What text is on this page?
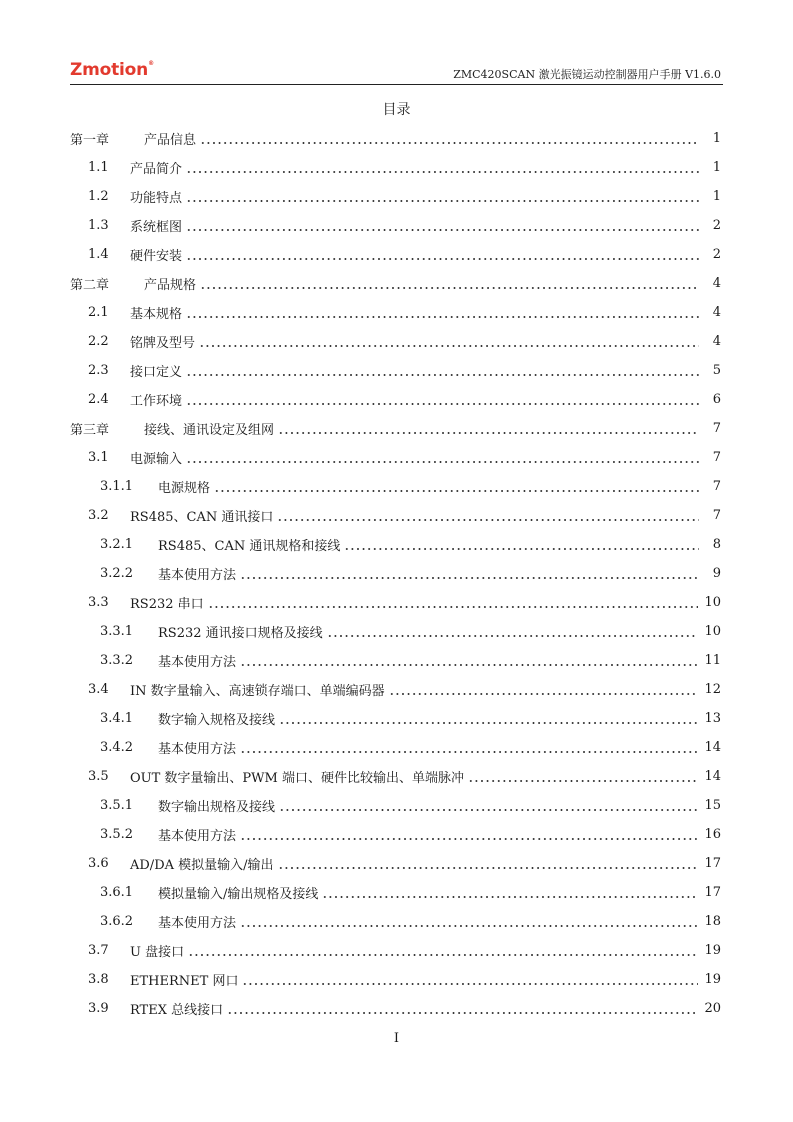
Zmotion®
ZMC420SCAN 激光振镜运动控制器用户手册 V1.6.0
目录
第一章	产品信息	1
1.1	产品简介	1
1.2	功能特点	1
1.3	系统框图	2
1.4	硬件安装	2
第二章	产品规格	4
2.1	基本规格	4
2.2	铭牌及型号	4
2.3	接口定义	5
2.4	工作环境	6
第三章	接线、通讯设定及组网	7
3.1	电源输入	7
3.1.1	电源规格	7
3.2	RS485、CAN 通讯接口	7
3.2.1	RS485、CAN 通讯规格和接线	8
3.2.2	基本使用方法	9
3.3	RS232 串口	10
3.3.1	RS232 通讯接口规格及接线	10
3.3.2	基本使用方法	11
3.4	IN 数字量输入、高速锁存端口、单端编码器	12
3.4.1	数字输入规格及接线	13
3.4.2	基本使用方法	14
3.5	OUT 数字量输出、PWM 端口、硬件比较输出、单端脉冲	14
3.5.1	数字输出规格及接线	15
3.5.2	基本使用方法	16
3.6	AD/DA 模拟量输入/输出	17
3.6.1	模拟量输入/输出规格及接线	17
3.6.2	基本使用方法	18
3.7	U 盘接口	19
3.8	ETHERNET 网口	19
3.9	RTEX 总线接口	20
I
